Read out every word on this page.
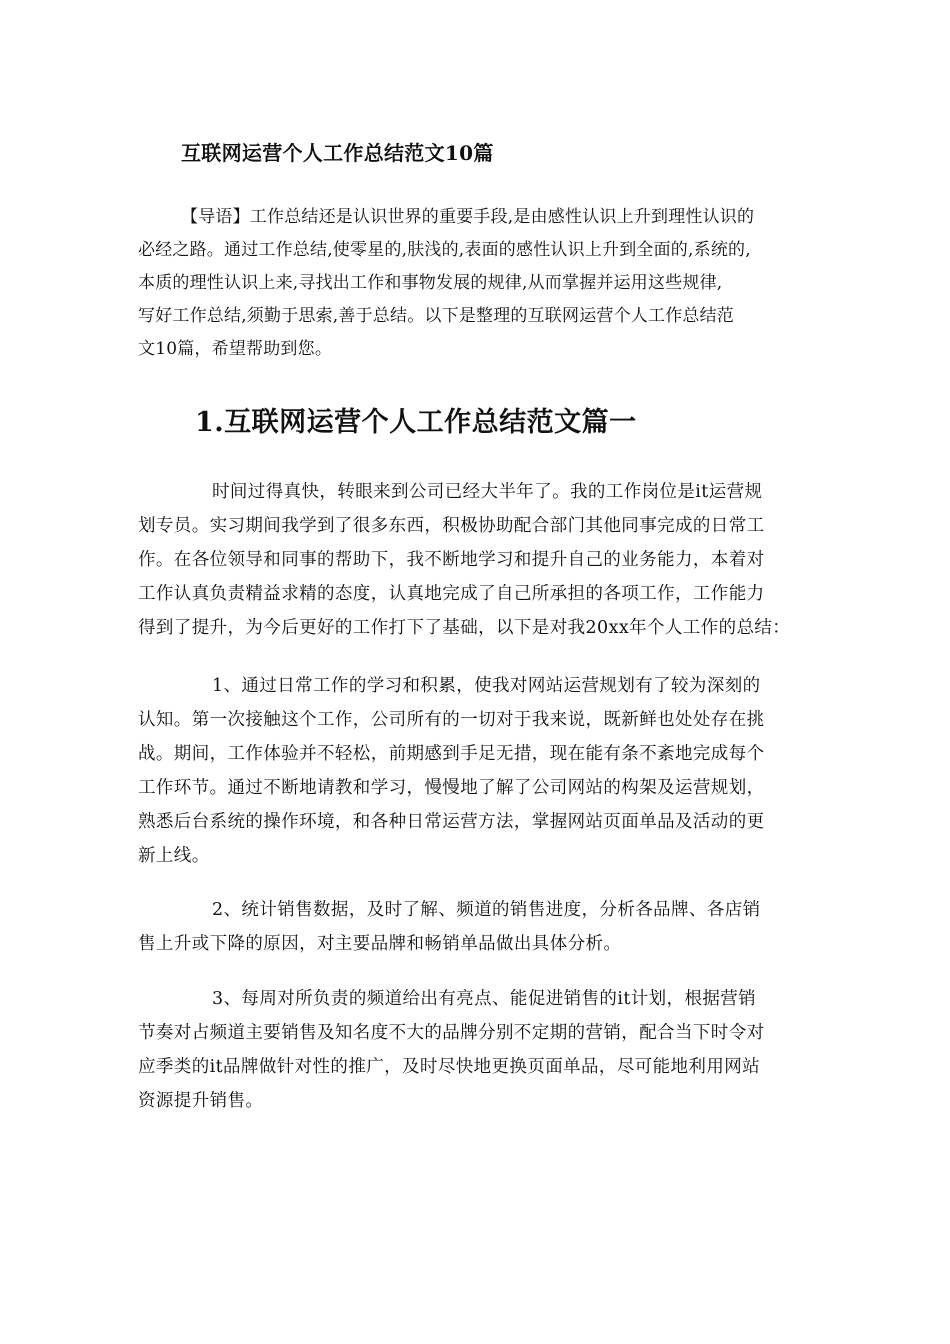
互联网运营个人工作总结范文10篇
【导语】工作总结还是认识世界的重要手段,是由感性认识上升到理性认识的
必经之路。通过工作总结,使零星的,肤浅的,表面的感性认识上升到全面的,系统的,
本质的理性认识上来,寻找出工作和事物发展的规律,从而掌握并运用这些规律,
写好工作总结,须勤于思索,善于总结。以下是整理的互联网运营个人工作总结范
文10篇，希望帮助到您。
1.互联网运营个人工作总结范文篇一
时间过得真快，转眼来到公司已经大半年了。我的工作岗位是it运营规
划专员。实习期间我学到了很多东西，积极协助配合部门其他同事完成的日常工
作。在各位领导和同事的帮助下，我不断地学习和提升自己的业务能力，本着对
工作认真负责精益求精的态度，认真地完成了自己所承担的各项工作，工作能力
得到了提升，为今后更好的工作打下了基础，以下是对我20xx年个人工作的总结：
1、通过日常工作的学习和积累，使我对网站运营规划有了较为深刻的
认知。第一次接触这个工作，公司所有的一切对于我来说，既新鲜也处处存在挑
战。期间，工作体验并不轻松，前期感到手足无措，现在能有条不紊地完成每个
工作环节。通过不断地请教和学习，慢慢地了解了公司网站的构架及运营规划，
熟悉后台系统的操作环境，和各种日常运营方法，掌握网站页面单品及活动的更
新上线。
2、统计销售数据，及时了解、频道的销售进度，分析各品牌、各店销
售上升或下降的原因，对主要品牌和畅销单品做出具体分析。
3、每周对所负责的频道给出有亮点、能促进销售的it计划，根据营销
节奏对占频道主要销售及知名度不大的品牌分别不定期的营销，配合当下时令对
应季类的it品牌做针对性的推广，及时尽快地更换页面单品，尽可能地利用网站
资源提升销售。
